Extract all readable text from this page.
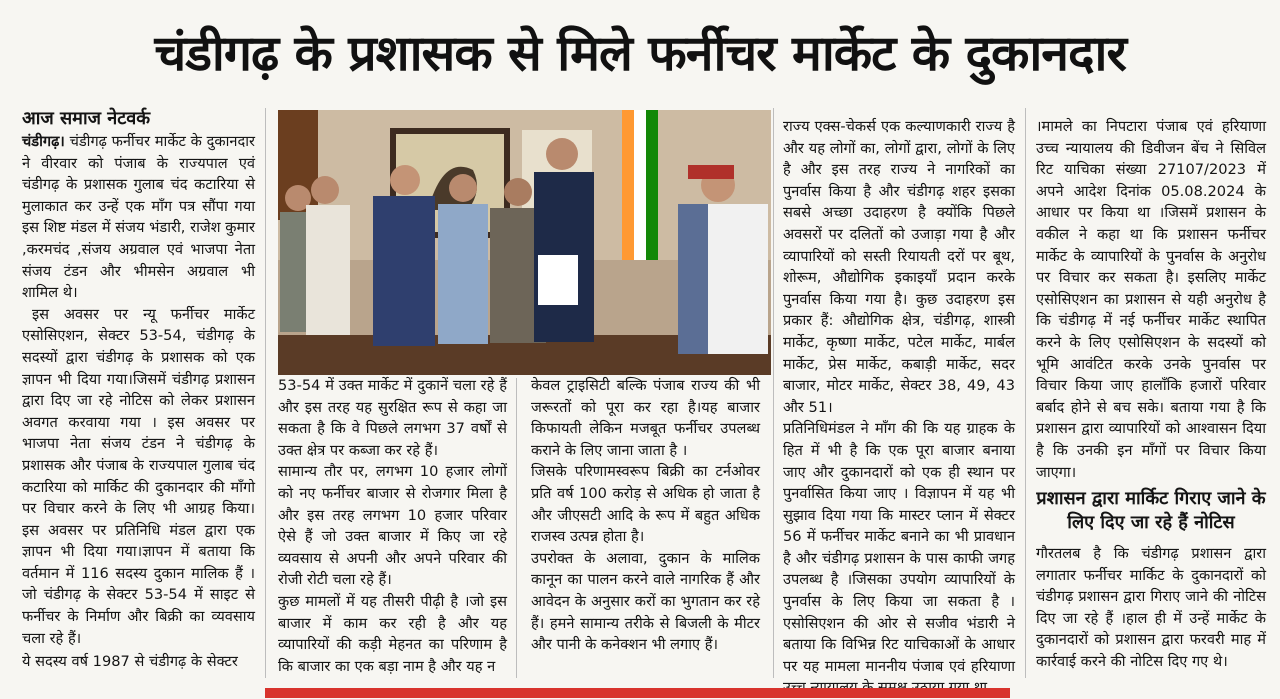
चंडीगढ़ के प्रशासक से मिले फर्नीचर मार्केट के दुकानदार
आज समाज नेटवर्क

चंडीगढ़। चंडीगढ़ फर्नीचर मार्केट के दुकानदार ने वीरवार को पंजाब के राज्यपाल एवं चंडीगढ़ के प्रशासक गुलाब चंद कटारिया से मुलाकात कर उन्हें एक माँग पत्र सौंपा गया इस शिष्ट मंडल में संजय भंडारी, राजेश कुमार ,करमचंद ,संजय अग्रवाल एवं भाजपा नेता संजय टंडन और भीमसेन अग्रवाल भी शामिल थे।

इस अवसर पर न्यू फर्नीचर मार्केट एसोसिएशन, सेक्टर 53-54, चंडीगढ़ के सदस्यों द्वारा चंडीगढ़ के प्रशासक को एक ज्ञापन भी दिया गया।जिसमें चंडीगढ़ प्रशासन द्वारा दिए जा रहे नोटिस को लेकर प्रशासन अवगत करवाया गया । इस अवसर पर भाजपा नेता संजय टंडन ने चंडीगढ़ के प्रशासक और पंजाब के राज्यपाल गुलाब चंद कटारिया को मार्किट की दुकानदार की माँगो पर विचार करने के लिए भी आग्रह किया। इस अवसर पर प्रतिनिधि मंडल द्वारा एक ज्ञापन भी दिया गया।ज्ञापन में बताया कि वर्तमान में 116 सदस्य दुकान मालिक हैं ।जो चंडीगढ़ के सेक्टर 53-54 में साइट से फर्नीचर के निर्माण और बिक्री का व्यवसाय चला रहे हैं।

ये सदस्य वर्ष 1987 से चंडीगढ़ के सेक्टर

53-54 में उक्त मार्केट में दुकानें चला रहे हैं और इस तरह यह सुरक्षित रूप से कहा जा सकता है कि वे पिछले लगभग 37 वर्षों से उक्त क्षेत्र पर कब्जा कर रहे हैं।

सामान्य तौर पर, लगभग 10 हजार लोगों को नए फर्नीचर बाजार से रोजगार मिला है और इस तरह लगभग 10 हजार परिवार ऐसे हैं जो उक्त बाजार में किए जा रहे व्यवसाय से अपनी और अपने परिवार की रोजी रोटी चला रहे हैं।

कुछ मामलों में यह तीसरी पीढ़ी है ।जो इस बाजार में काम कर रही है और यह व्यापारियों की कड़ी मेहनत का परिणाम है कि बाजार का एक बड़ा नाम है और यह न

केवल ट्राइसिटी बल्कि पंजाब राज्य की भी जरूरतों को पूरा कर रहा है।यह बाजार किफायती लेकिन मजबूत फर्नीचर उपलब्ध कराने के लिए जाना जाता है ।

जिसके परिणामस्वरूप बिक्री का टर्नओवर प्रति वर्ष 100 करोड़ से अधिक हो जाता है और जीएसटी आदि के रूप में बहुत अधिक राजस्व उत्पन्न होता है।

उपरोक्त के अलावा, दुकान के मालिक कानून का पालन करने वाले नागरिक हैं और आवेदन के अनुसार करों का भुगतान कर रहे हैं। हमने सामान्य तरीके से बिजली के मीटर और पानी के कनेक्शन भी लगाए हैं।

राज्य एक्स-चेकर्स एक कल्याणकारी राज्य है और यह लोगों का, लोगों द्वारा, लोगों के लिए है और इस तरह राज्य ने नागरिकों का पुनर्वास किया है और चंडीगढ़ शहर इसका सबसे अच्छा उदाहरण है क्योंकि पिछले अवसरों पर दलितों को उजाड़ा गया है और व्यापारियों को सस्ती रियायती दरों पर बूथ, शोरूम, औद्योगिक इकाइयाँ प्रदान करके पुनर्वास किया गया है। कुछ उदाहरण इस प्रकार हैं: औद्योगिक क्षेत्र, चंडीगढ़, शास्त्री मार्केट, कृष्णा मार्केट, पटेल मार्केट, मार्बल मार्केट, प्रेस मार्केट, कबाड़ी मार्केट, सदर बाजार, मोटर मार्केट, सेक्टर 38, 49, 43 और 51।

प्रतिनिधिमंडल ने माँग की कि यह ग्राहक के हित में भी है कि एक पूरा बाजार बनाया जाए और दुकानदारों को एक ही स्थान पर पुनर्वासित किया जाए । विज्ञापन में यह भी सुझाव दिया गया कि मास्टर प्लान में सेक्टर 56 में फर्नीचर मार्केट बनाने का भी प्रावधान है और चंडीगढ़ प्रशासन के पास काफी जगह उपलब्ध है ।जिसका उपयोग व्यापारियों के पुनर्वास के लिए किया जा सकता है । एसोसिएशन की ओर से सजीव भंडारी ने बताया कि विभिन्न रिट याचिकाओं के आधार पर यह मामला माननीय पंजाब एवं हरियाणा

।मामले का निपटारा पंजाब एवं हरियाणा उच्च न्यायालय की डिवीजन बेंच ने सिविल रिट याचिका संख्या 27107/2023 में अपने आदेश दिनांक 05.08.2024 के आधार पर किया था ।जिसमें प्रशासन के वकील ने कहा था कि प्रशासन फर्नीचर मार्केट के व्यापारियों के पुनर्वास के अनुरोध पर विचार कर सकता है। इसलिए मार्केट एसोसिएशन का प्रशासन से यही अनुरोध है कि चंडीगढ़ में नई फर्नीचर मार्केट स्थापित करने के लिए एसोसिएशन के सदस्यों को भूमि आवंटित करके उनके पुनर्वास पर विचार किया जाए हालाँकि हजारों परिवार बर्बाद होने से बच सके। बताया गया है कि प्रशासन द्वारा व्यापारियों को आश्वासन दिया है कि उनकी इन माँगों पर विचार किया जाएगा।

प्रशासन द्वारा मार्किट गिराए जाने के लिए दिए जा रहे हैं नोटिस

गौरतलब है कि चंडीगढ़ प्रशासन द्वारा लगातार फर्नीचर मार्किट के दुकानदारों को चंडीगढ़ प्रशासन द्वारा गिराए जाने की नोटिस दिए जा रहे हैं ।हाल ही में उन्हें मार्केट के दुकानदारों को प्रशासन द्वारा फरवरी माह में कार्रवाई करने की नोटिस दिए गए थे।
